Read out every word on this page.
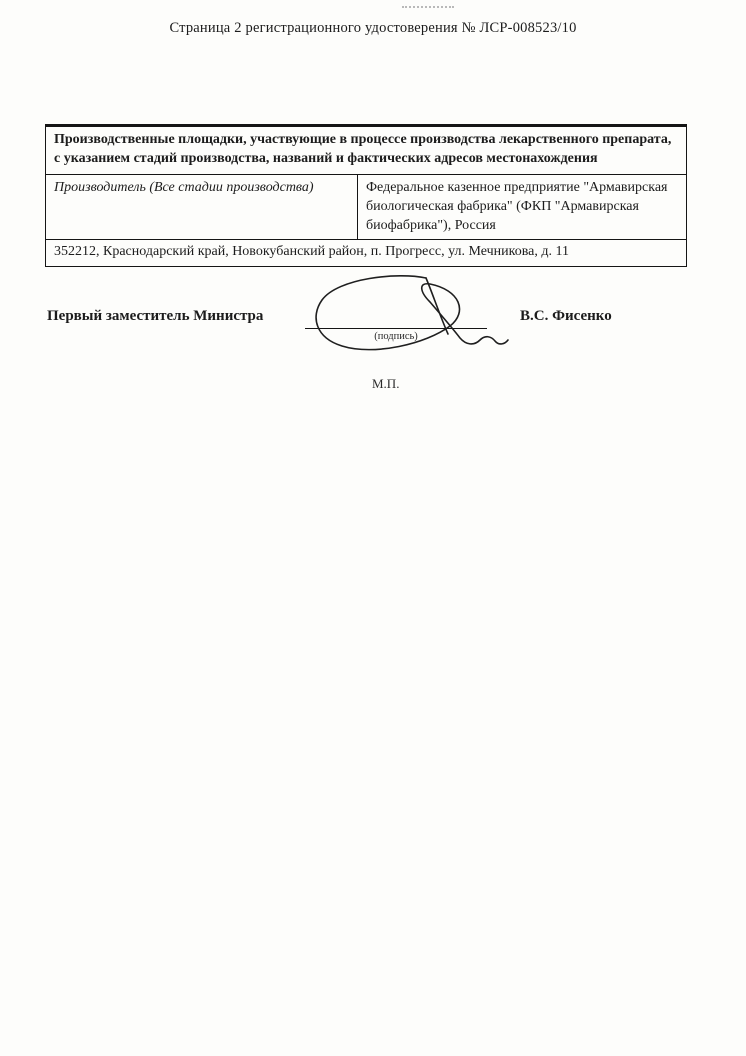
Страница 2 регистрационного удостоверения № ЛСР-008523/10
Производственные площадки, участвующие в процессе производства лекарственного препарата, с указанием стадий производства, названий и фактических адресов местонахождения
Производитель (Все стадии производства)	Федеральное казенное предприятие "Армавирская биологическая фабрика" (ФКП "Армавирская биофабрика"), Россия
352212, Краснодарский край, Новокубанский район, п. Прогресс, ул. Мечникова, д. 11
Первый заместитель Министра
(подпись)
В.С. Фисенко
М.П.
